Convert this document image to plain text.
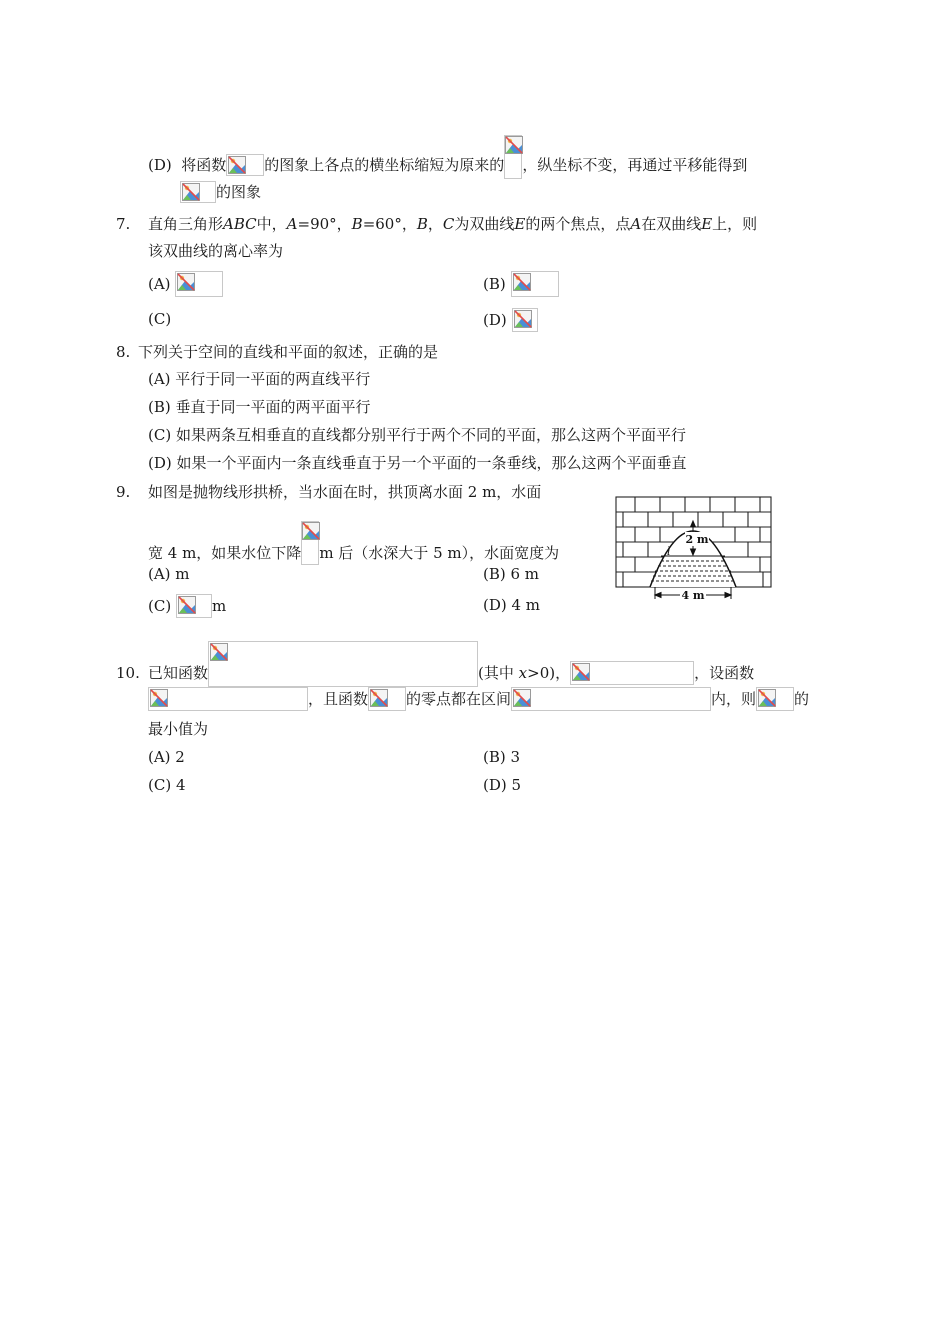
(D) 将函数	的图象上各点的横坐标缩短为原来的 ，纵坐标不变，再通过平移能得到
的图象
7. 直角三角形ABC中，A=90°，B=60°，B，C为双曲线E的两个焦点，点A在双曲线E上，则
该双曲线的离心率为
(A)	(B)
(C)	(D)
8. 下列关于空间的直线和平面的叙述，正确的是
(A) 平行于同一平面的两直线平行
(B) 垂直于同一平面的两平面平行
(C) 如果两条互相垂直的直线都分别平行于两个不同的平面，那么这两个平面平行
(D) 如果一个平面内一条直线垂直于另一个平面的一条垂线，那么这两个平面垂直
9. 如图是抛物线形拱桥，当水面在时，拱顶离水面 2 m，水面
宽 4 m，如果水位下降 m 后（水深大于 5 m），水面宽度为
(A) m	(B) 6 m
(C)	m	(D) 4 m
2 m
l
4 m
10. 已知函数	(其中 x>0)，	，设函数
，且函数	的零点都在区间	内，则	的
最小值为
(A) 2	(B) 3
(C) 4	(D) 5
